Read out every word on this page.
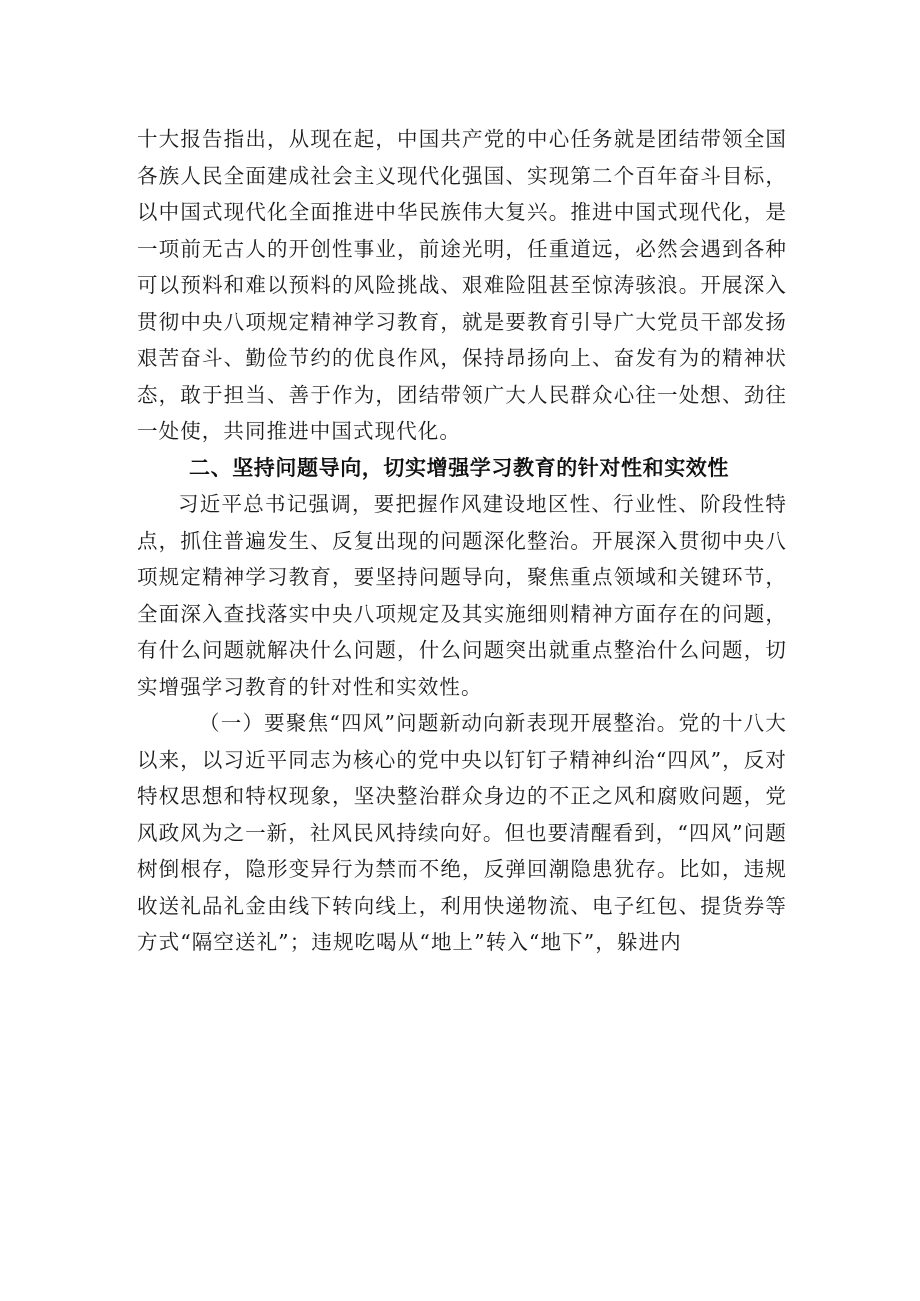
十大报告指出，从现在起，中国共产党的中心任务就是团结带领全国各族人民全面建成社会主义现代化强国、实现第二个百年奋斗目标，以中国式现代化全面推进中华民族伟大复兴。推进中国式现代化，是一项前无古人的开创性事业，前途光明，任重道远，必然会遇到各种可以预料和难以预料的风险挑战、艰难险阻甚至惊涛骇浪。开展深入贯彻中央八项规定精神学习教育，就是要教育引导广大党员干部发扬艰苦奋斗、勤俭节约的优良作风，保持昂扬向上、奋发有为的精神状态，敢于担当、善于作为，团结带领广大人民群众心往一处想、劲往一处使，共同推进中国式现代化。

二、坚持问题导向，切实增强学习教育的针对性和实效性

习近平总书记强调，要把握作风建设地区性、行业性、阶段性特点，抓住普遍发生、反复出现的问题深化整治。开展深入贯彻中央八项规定精神学习教育，要坚持问题导向，聚焦重点领域和关键环节，全面深入查找落实中央八项规定及其实施细则精神方面存在的问题，有什么问题就解决什么问题，什么问题突出就重点整治什么问题，切实增强学习教育的针对性和实效性。

（一）要聚焦“四风”问题新动向新表现开展整治。党的十八大以来，以习近平同志为核心的党中央以钉钉子精神纠治“四风”，反对特权思想和特权现象，坚决整治群众身边的不正之风和腐败问题，党风政风为之一新，社风民风持续向好。但也要清醒看到，“四风”问题树倒根存，隐形变异行为禁而不绝，反弹回潮隐患犹存。比如，违规收送礼品礼金由线下转向线上，利用快递物流、电子红包、提货券等方式“隔空送礼”；违规吃喝从“地上”转入“地下”，躲进内
